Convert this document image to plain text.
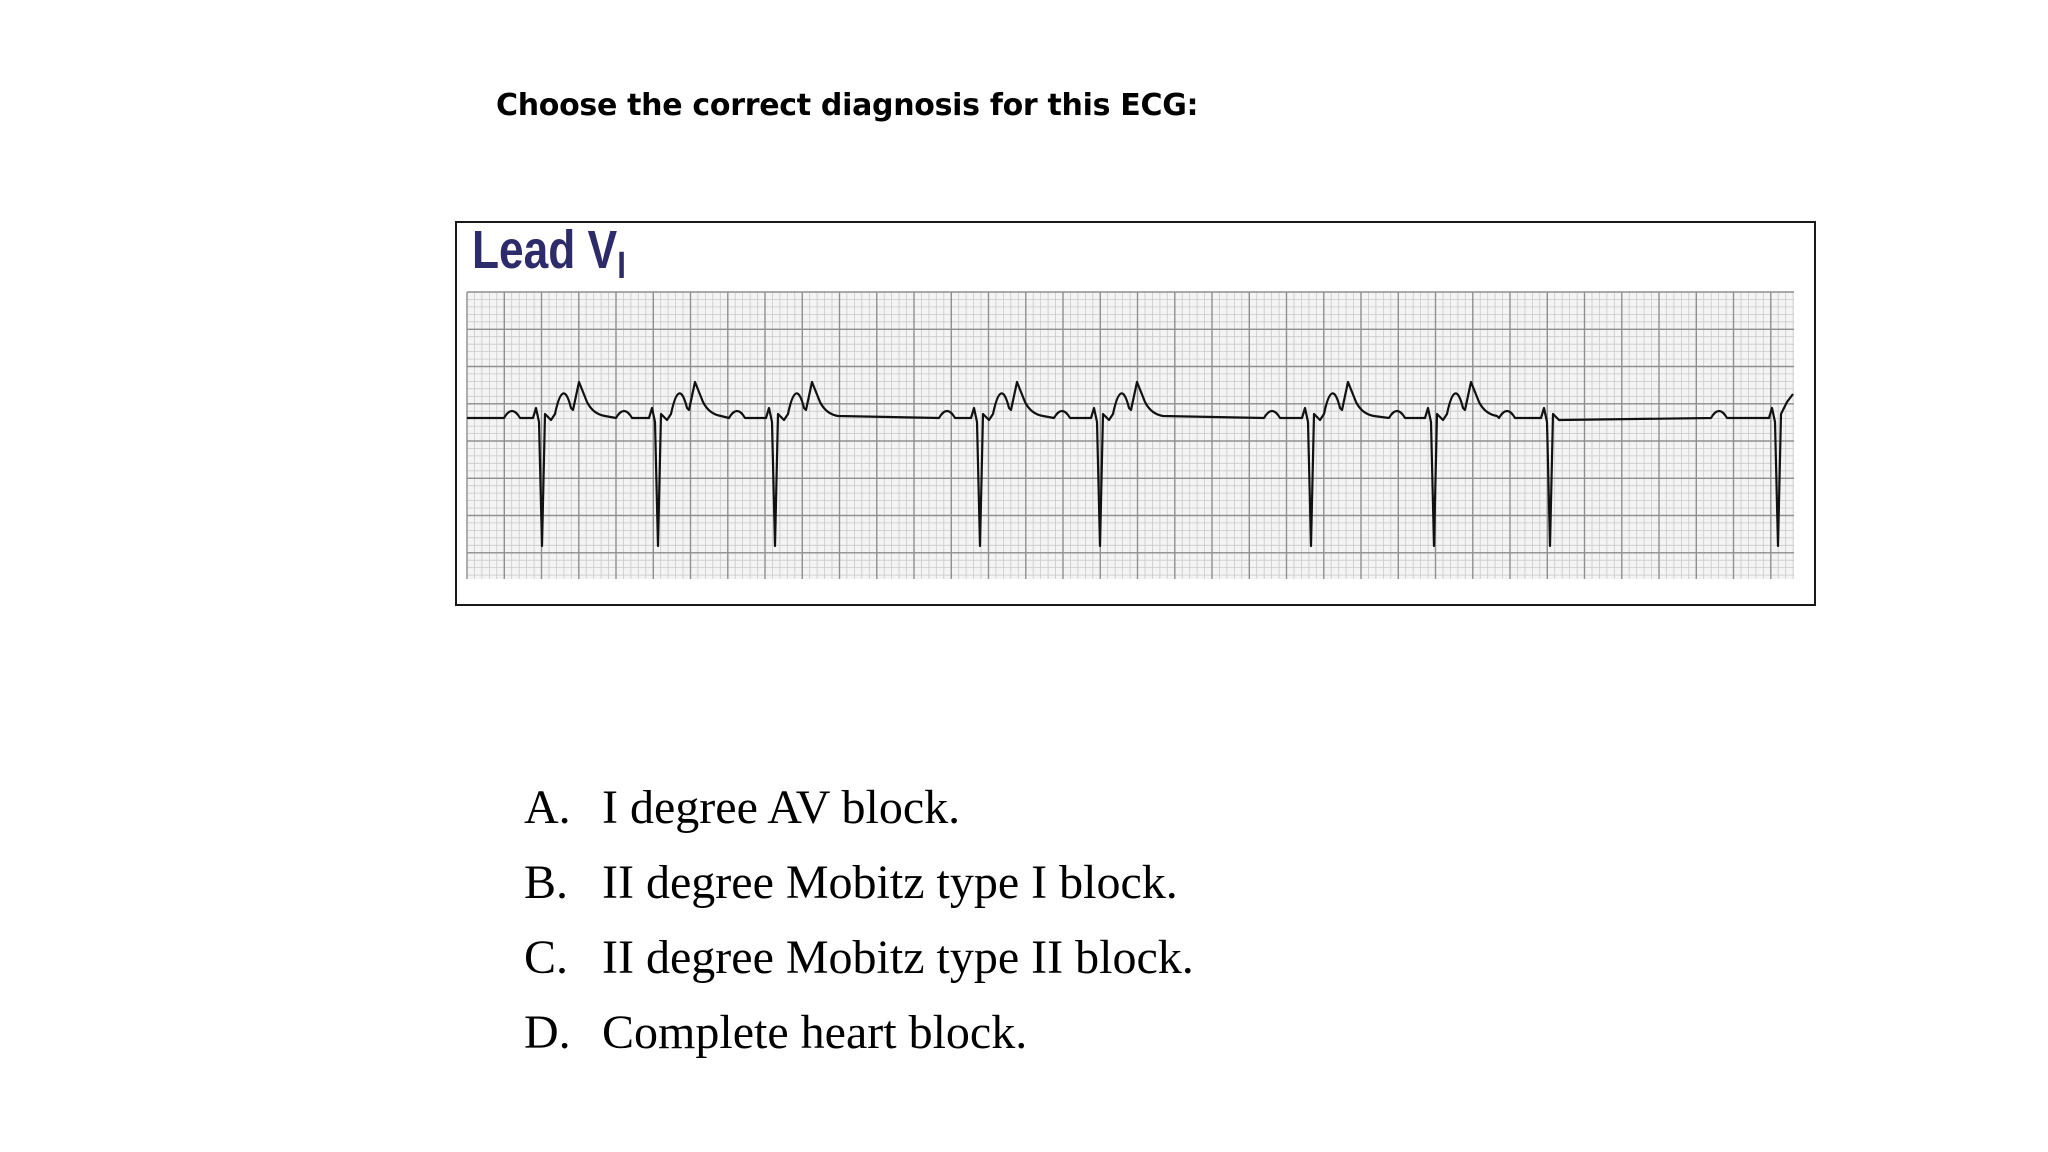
Choose the correct diagnosis for this ECG:
Lead $V_I$
A. I degree AV block.
B. II degree Mobitz type I block.
C. II degree Mobitz type II block.
D. Complete heart block.
